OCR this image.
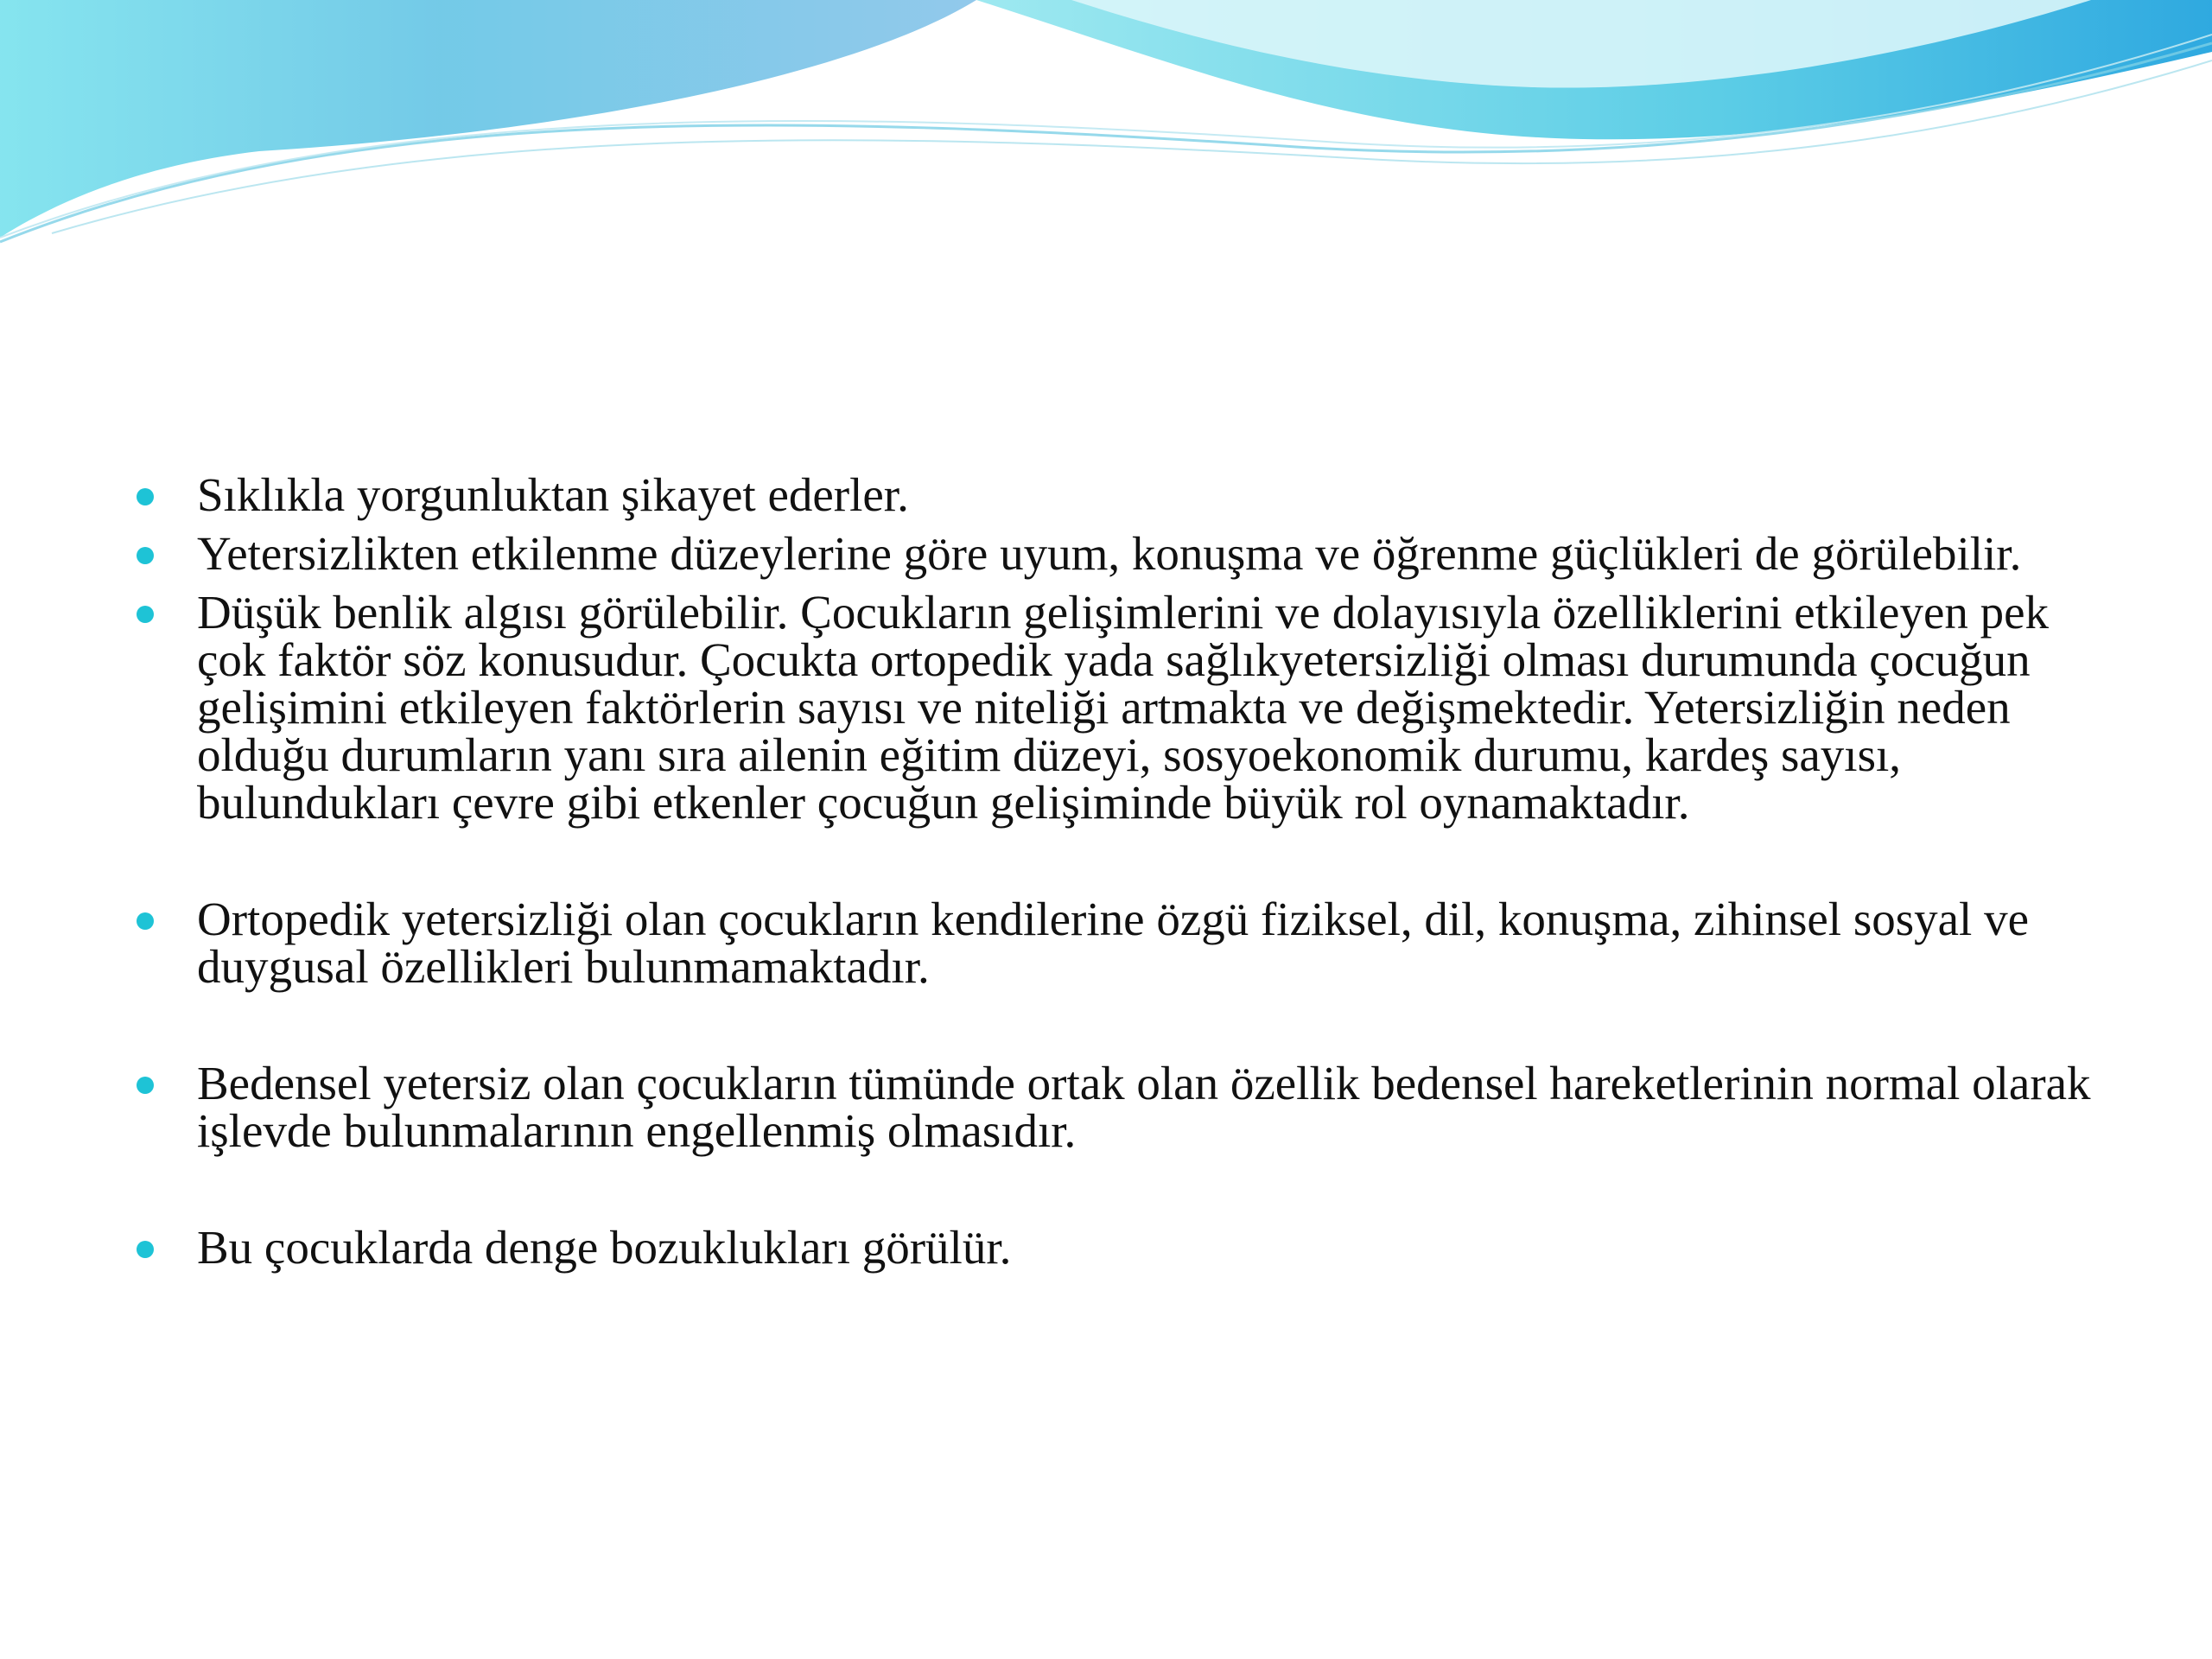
Sıklıkla yorgunluktan şikayet ederler.
Yetersizlikten etkilenme düzeylerine göre uyum, konuşma ve öğrenme güçlükleri de görülebilir.
Düşük benlik algısı görülebilir. Çocukların gelişimlerini ve dolayısıyla özelliklerini etkileyen pek çok faktör söz konusudur. Çocukta ortopedik yada sağlıkyetersizliği olması durumunda çocuğun gelişimini etkileyen faktörlerin sayısı ve niteliği artmakta ve değişmektedir. Yetersizliğin neden olduğu durumların yanı sıra ailenin eğitim düzeyi, sosyoekonomik durumu, kardeş sayısı, bulundukları çevre gibi etkenler çocuğun gelişiminde büyük rol oynamaktadır.
Ortopedik yetersizliği olan çocukların kendilerine özgü fiziksel, dil, konuşma, zihinsel sosyal ve duygusal özellikleri bulunmamaktadır.
Bedensel yetersiz olan çocukların tümünde ortak olan özellik bedensel hareketlerinin normal olarak işlevde bulunmalarının engellenmiş olmasıdır.
Bu çocuklarda denge bozuklukları görülür.
